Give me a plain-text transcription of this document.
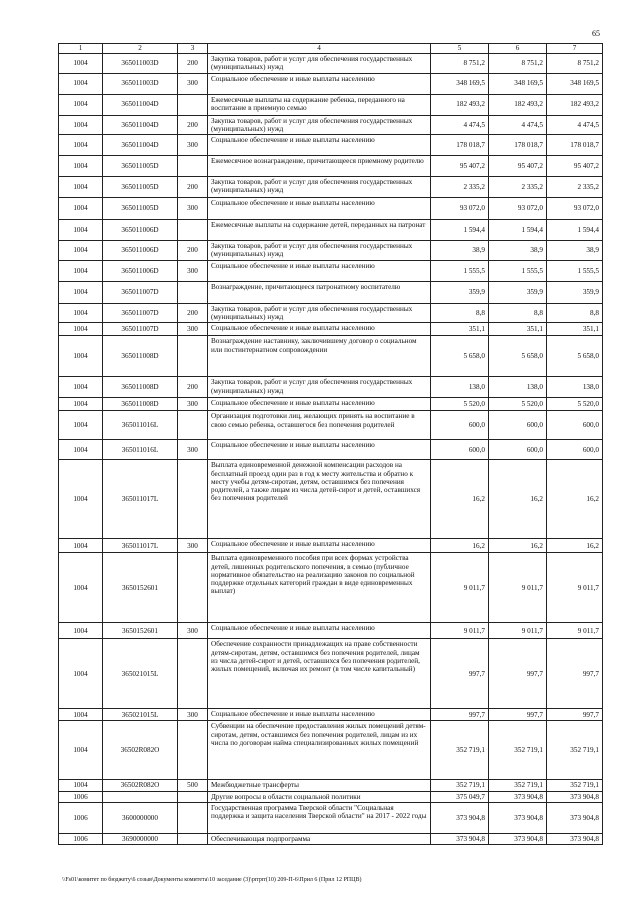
65
1	2	3	4	5	6	7
1004	365011003D	200	Закупка товаров, работ и услуг для обеспечения государственных (муниципальных) нужд	8 751,2	8 751,2	8 751,2
1004	365011003D	300	Социальное обеспечение и иные выплаты населению	348 169,5	348 169,5	348 169,5
1004	365011004D		Ежемесячные выплаты на содержание ребенка, переданного на воспитание в приемную семью	182 493,2	182 493,2	182 493,2
1004	365011004D	200	Закупка товаров, работ и услуг для обеспечения государственных (муниципальных) нужд	4 474,5	4 474,5	4 474,5
1004	365011004D	300	Социальное обеспечение и иные выплаты населению	178 018,7	178 018,7	178 018,7
1004	365011005D		Ежемесячное вознаграждение, причитающееся приемному родителю	95 407,2	95 407,2	95 407,2
1004	365011005D	200	Закупка товаров, работ и услуг для обеспечения государственных (муниципальных) нужд	2 335,2	2 335,2	2 335,2
1004	365011005D	300	Социальное обеспечение и иные выплаты населению	93 072,0	93 072,0	93 072,0
1004	365011006D		Ежемесячные выплаты на содержание детей, переданных на патронат	1 594,4	1 594,4	1 594,4
1004	365011006D	200	Закупка товаров, работ и услуг для обеспечения государственных (муниципальных) нужд	38,9	38,9	38,9
1004	365011006D	300	Социальное обеспечение и иные выплаты населению	1 555,5	1 555,5	1 555,5
1004	365011007D		Вознаграждение, причитающееся патронатному воспитателю	359,9	359,9	359,9
1004	365011007D	200	Закупка товаров, работ и услуг для обеспечения государственных (муниципальных) нужд	8,8	8,8	8,8
1004	365011007D	300	Социальное обеспечение и иные выплаты населению	351,1	351,1	351,1
1004	365011008D		Вознаграждение наставнику, заключившему договор о социальном или постинтернатном сопровождении	5 658,0	5 658,0	5 658,0
1004	365011008D	200	Закупка товаров, работ и услуг для обеспечения государственных (муниципальных) нужд	138,0	138,0	138,0
1004	365011008D	300	Социальное обеспечение и иные выплаты населению	5 520,0	5 520,0	5 520,0
1004	365011016L		Организация подготовки лиц, желающих принять на воспитание в свою семью ребенка, оставшегося без попечения родителей	600,0	600,0	600,0
1004	365011016L	300	Социальное обеспечение и иные выплаты населению	600,0	600,0	600,0
1004	365011017L		Выплата единовременной денежной компенсации расходов на бесплатный проезд один раз в год к месту жительства и обратно к месту учебы детям-сиротам, детям, оставшимся без попечения родителей, а также лицам из числа детей-сирот и детей, оставшихся без попечения родителей	16,2	16,2	16,2
1004	365011017L	300	Социальное обеспечение и иные выплаты населению	16,2	16,2	16,2
1004	3650152601		Выплата единовременного пособия при всех формах устройства детей, лишенных родительского попечения, в семью (публичное нормативное обязательство на реализацию законов по социальной поддержке отдельных категорий граждан в виде единовременных выплат)	9 011,7	9 011,7	9 011,7
1004	3650152601	300	Социальное обеспечение и иные выплаты населению	9 011,7	9 011,7	9 011,7
1004	365021015L		Обеспечение сохранности принадлежащих на праве собственности детям-сиротам, детям, оставшимся без попечения родителей, лицам из числа детей-сирот и детей, оставшихся без попечения родителей, жилых помещений, включая их ремонт (в том числе капитальный)	997,7	997,7	997,7
1004	365021015L	300	Социальное обеспечение и иные выплаты населению	997,7	997,7	997,7
1004	36502R082O		Субвенции на обеспечение предоставления жилых помещений детям-сиротам, детям, оставшимся без попечения родителей, лицам из их числа по договорам найма специализированных жилых помещений	352 719,1	352 719,1	352 719,1
1004	36502R082O	500	Межбюджетные трансферты	352 719,1	352 719,1	352 719,1
1006			Другие вопросы в области социальной политики	375 049,7	373 904,8	373 904,8
1006	3600000000		Государственная программа Тверской области "Социальная поддержка и защита населения Тверской области" на 2017 - 2022 годы	373 904,8	373 904,8	373 904,8
1006	3690000000		Обеспечивающая подпрограмма	373 904,8	373 904,8	373 904,8
\\Fs01\комитет по бюджету\6 созыв\Документы комитета\10 заседание (3)\prrprr(10) 209-П-6\Прил 6 (Прил 12 РПЦВ)
